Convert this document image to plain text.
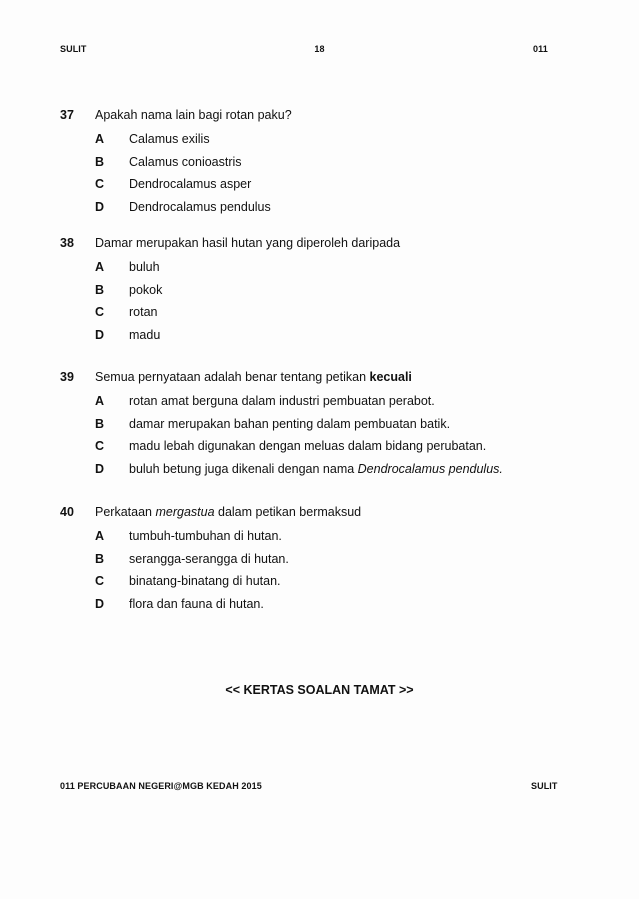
SULIT	18	011
37	Apakah nama lain bagi rotan paku?
A	Calamus exilis
B	Calamus conioastris
C	Dendrocalamus asper
D	Dendrocalamus pendulus
38	Damar merupakan hasil hutan yang diperoleh daripada
A	buluh
B	pokok
C	rotan
D	madu
39	Semua pernyataan adalah benar tentang petikan kecuali
A	rotan amat berguna dalam industri pembuatan perabot.
B	damar merupakan bahan penting dalam pembuatan batik.
C	madu lebah digunakan dengan meluas dalam bidang perubatan.
D	buluh betung juga dikenali dengan nama Dendrocalamus pendulus.
40	Perkataan mergastua dalam petikan bermaksud
A	tumbuh-tumbuhan di hutan.
B	serangga-serangga di hutan.
C	binatang-binatang di hutan.
D	flora dan fauna di hutan.
<< KERTAS SOALAN TAMAT >>
011 PERCUBAAN NEGERI@MGB KEDAH 2015	SULIT
